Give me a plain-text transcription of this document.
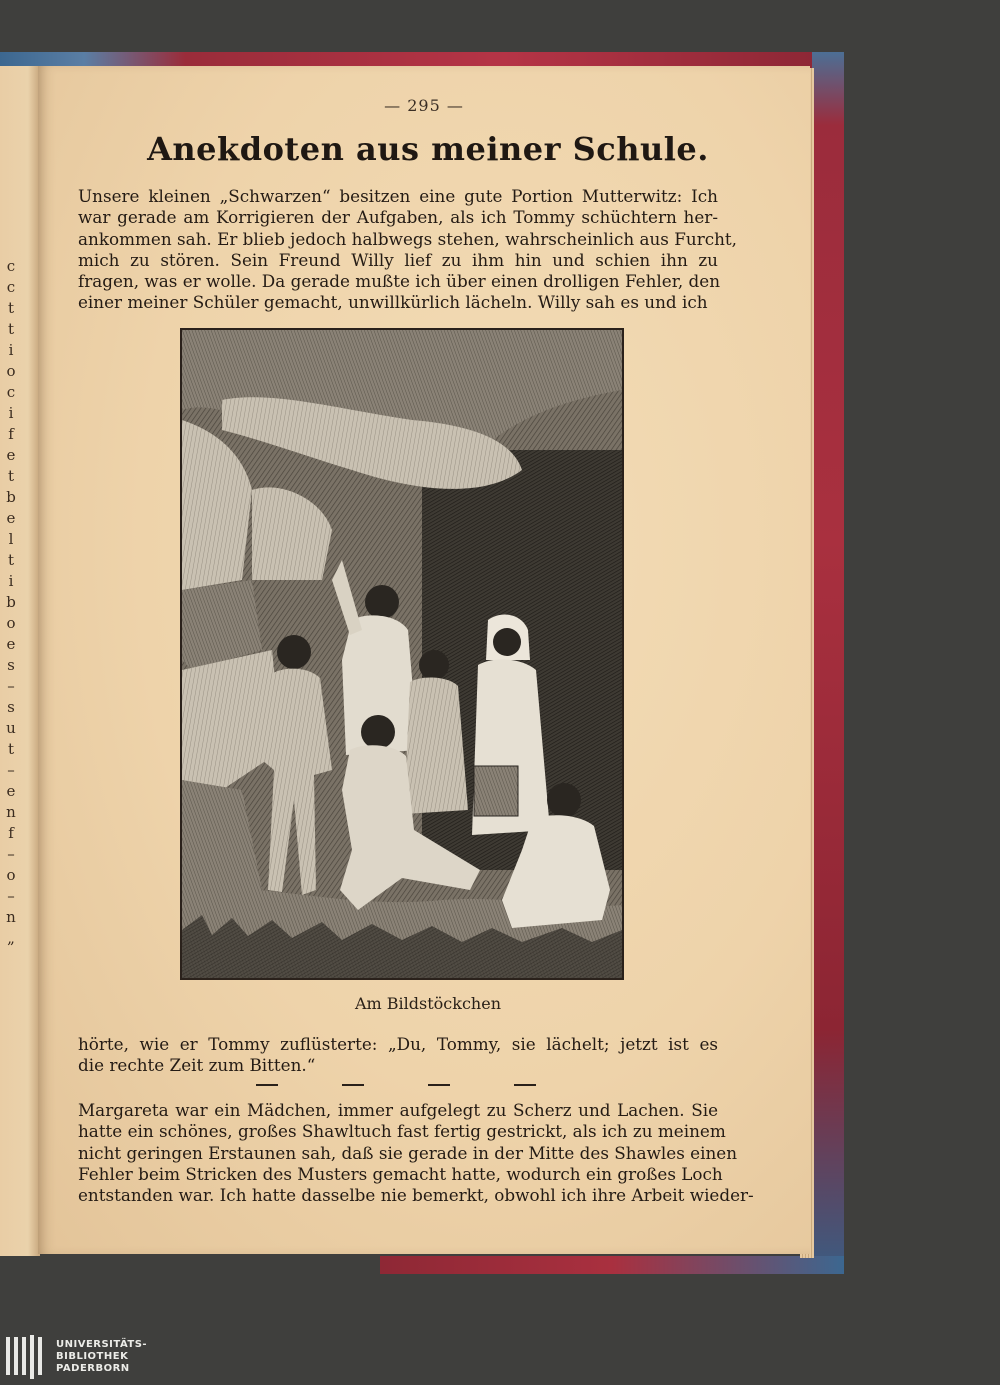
c
c
t
t
i
o
c
i
f
e
t
b
e
l
t
i
b
o
e
s
–
s
u
t
–
e
n
f
–
o
–
n
„
— 295 —
Anekdoten aus meiner Schule.
Unsere kleinen „Schwarzen“ besitzen eine gute Portion Mutterwitz: Ich
war gerade am Korrigieren der Aufgaben, als ich Tommy schüchtern her-
ankommen sah. Er blieb jedoch halbwegs stehen, wahrscheinlich aus Furcht,
mich zu stören. Sein Freund Willy lief zu ihm hin und schien ihn zu
fragen, was er wolle. Da gerade mußte ich über einen drolligen Fehler, den
einer meiner Schüler gemacht, unwillkürlich lächeln. Willy sah es und ich
Am Bildstöckchen
hörte, wie er Tommy zuflüsterte: „Du, Tommy, sie lächelt; jetzt ist es
die rechte Zeit zum Bitten.“
Margareta war ein Mädchen, immer aufgelegt zu Scherz und Lachen. Sie
hatte ein schönes, großes Shawltuch fast fertig gestrickt, als ich zu meinem
nicht geringen Erstaunen sah, daß sie gerade in der Mitte des Shawles einen
Fehler beim Stricken des Musters gemacht hatte, wodurch ein großes Loch
entstanden war. Ich hatte dasselbe nie bemerkt, obwohl ich ihre Arbeit wieder-
UNIVERSITÄTS-
BIBLIOTHEK
PADERBORN
